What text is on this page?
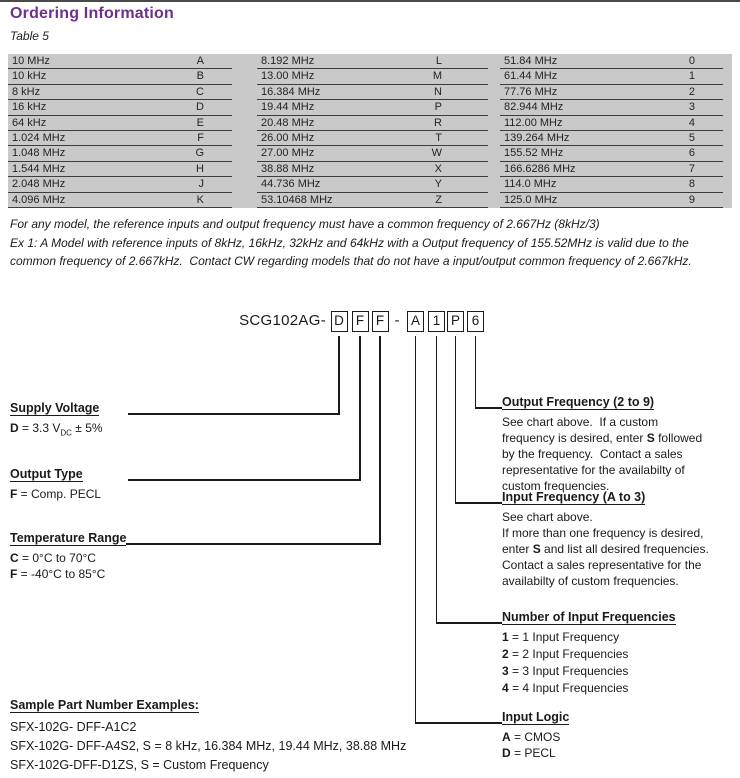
Ordering Information
Table 5
10 MHz	A
10 kHz	B
8 kHz	C
16 kHz	D
64 kHz	E
1.024 MHz	F
1.048 MHz	G
1.544 MHz	H
2.048 MHz	J
4.096 MHz	K
8.192 MHz	L
13.00 MHz	M
16.384 MHz	N
19.44 MHz	P
20.48 MHz	R
26.00 MHz	T
27.00 MHz	W
38.88 MHz	X
44.736 MHz	Y
53.10468 MHz	Z
51.84 MHz	0
61.44 MHz	1
77.76 MHz	2
82.944 MHz	3
112.00 MHz	4
139.264 MHz	5
155.52 MHz	6
166.6286 MHz	7
114.0 MHz	8
125.0 MHz	9
For any model, the reference inputs and output frequency must have a common frequency of 2.667Hz (8kHz/3)
Ex 1: A Model with reference inputs of 8kHz, 16kHz, 32kHz and 64kHz with a Output frequency of 155.52MHz is valid due to the
common frequency of 2.667kHz.  Contact CW regarding models that do not have a input/output common frequency of 2.667kHz.
SCG102AG-	-
D F F	A 1 P 6
Supply Voltage
D = 3.3 $V_{DC} \pm 5\%$
Output Type
F = Comp. PECL
Temperature Range
C = 0°C to 70°C
F = -40°C to 85°C
Output Frequency (2 to 9)
See chart above.  If a custom
frequency is desired, enter S followed
by the frequency.  Contact a sales
representative for the availabilty of
custom frequencies.
Input Frequency (A to 3)
See chart above.
If more than one frequency is desired,
enter S and list all desired frequencies.
Contact a sales representative for the
availabilty of custom frequencies.
Number of Input Frequencies
1 = 1 Input Frequency
2 = 2 Input Frequencies
3 = 3 Input Frequencies
4 = 4 Input Frequencies
Input Logic
A = CMOS
D = PECL
Sample Part Number Examples:
SFX-102G- DFF-A1C2
SFX-102G- DFF-A4S2, S = 8 kHz, 16.384 MHz, 19.44 MHz, 38.88 MHz
SFX-102G-DFF-D1ZS, S = Custom Frequency
